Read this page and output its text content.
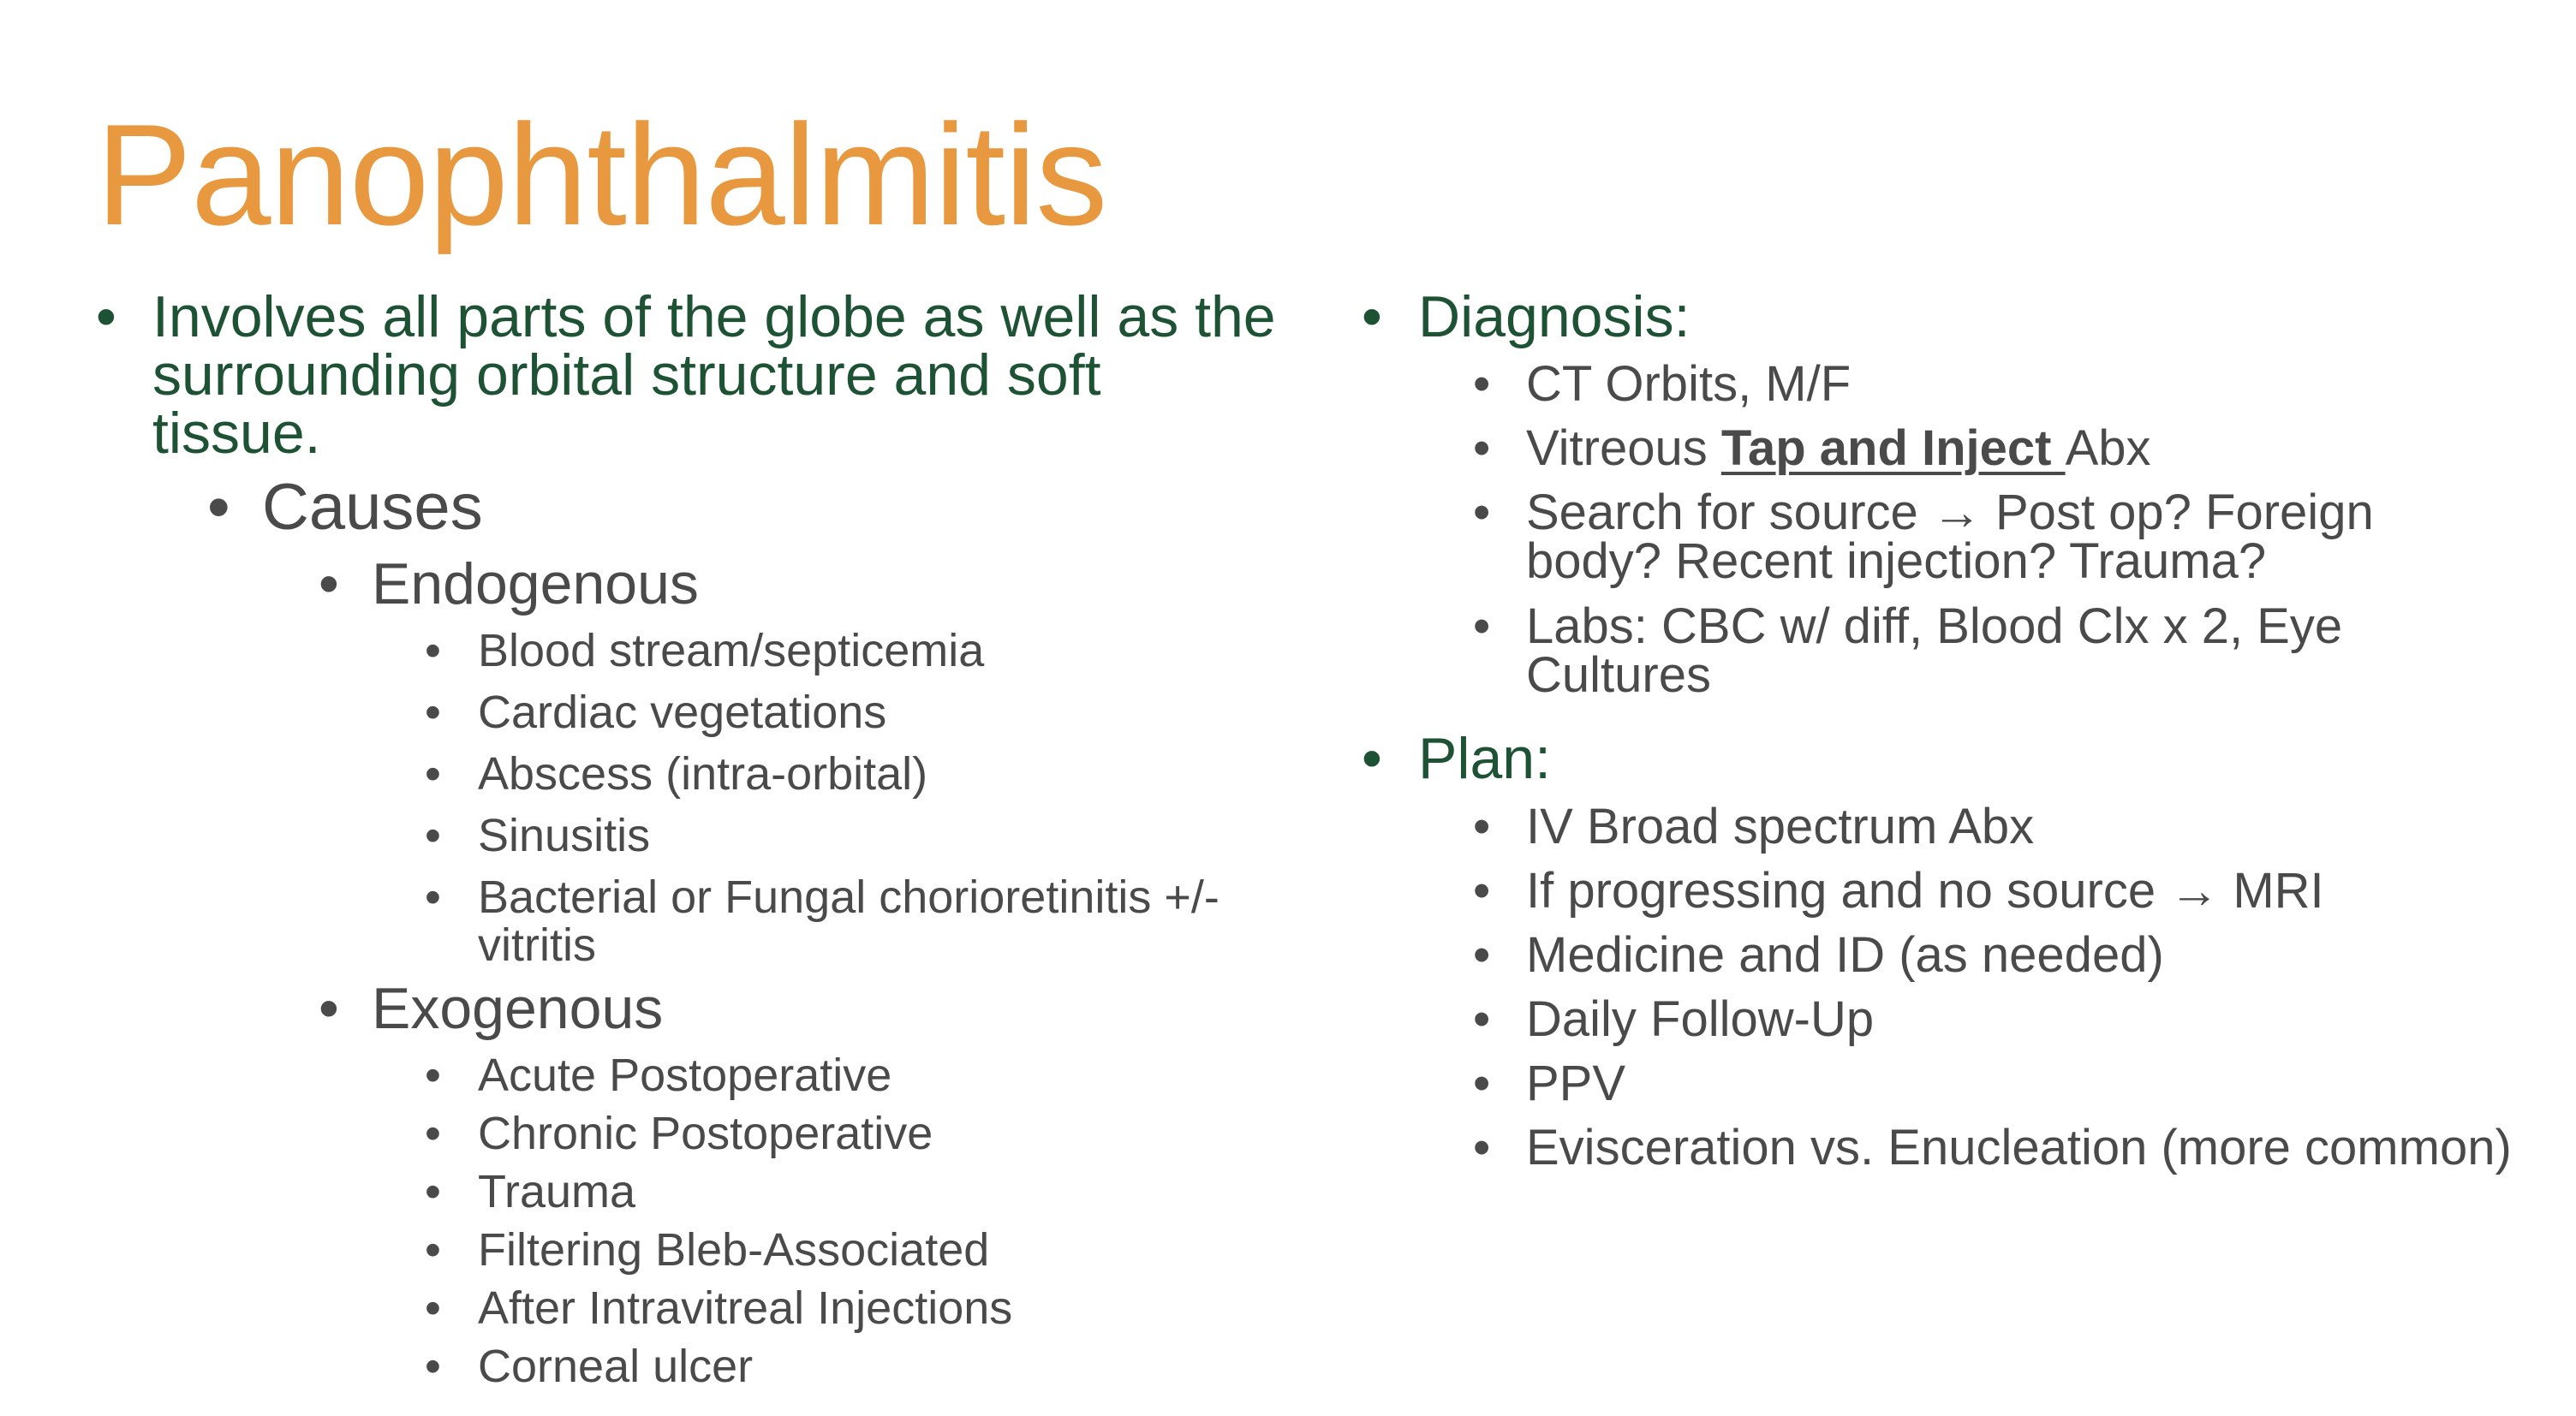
Panophthalmitis
• Involves all parts of the globe as well as the
surrounding orbital structure and soft
tissue.
• Causes
• Endogenous
• Blood stream/septicemia
• Cardiac vegetations
• Abscess (intra-orbital)
• Sinusitis
• Bacterial or Fungal chorioretinitis +/-
vitritis
• Exogenous
• Acute Postoperative
• Chronic Postoperative
• Trauma
• Filtering Bleb-Associated
• After Intravitreal Injections
• Corneal ulcer
• Diagnosis:
• CT Orbits, M/F
• Vitreous Tap and Inject Abx
• Search for source → Post op? Foreign
body? Recent injection? Trauma?
• Labs: CBC w/ diff, Blood Clx x 2, Eye
Cultures
• Plan:
• IV Broad spectrum Abx
• If progressing and no source → MRI
• Medicine and ID (as needed)
• Daily Follow-Up
• PPV
• Evisceration vs. Enucleation (more common)
